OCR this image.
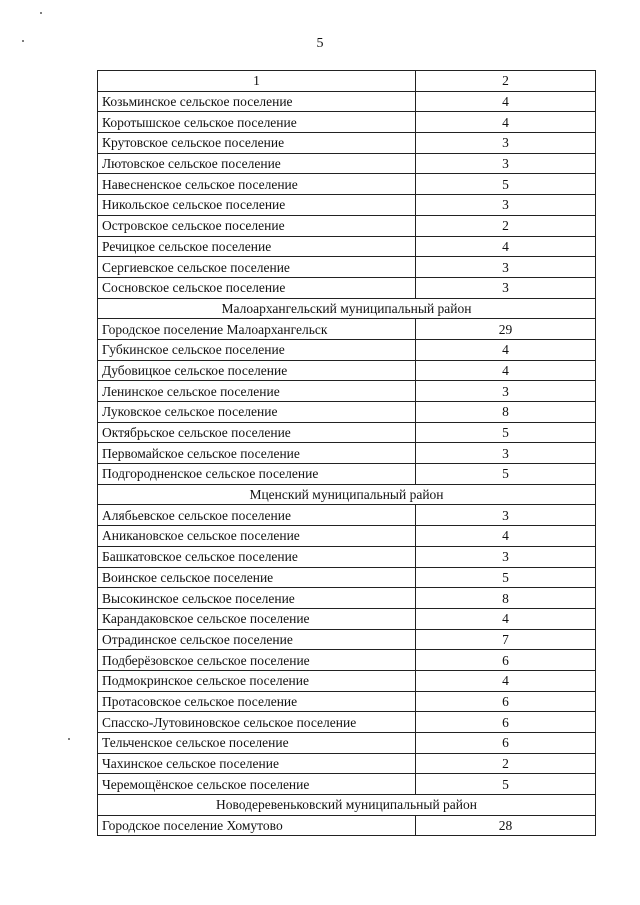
5
1	2
Козьминское сельское поселение	4
Коротышское сельское поселение	4
Крутовское сельское поселение	3
Лютовское сельское поселение	3
Навесненское сельское поселение	5
Никольское сельское поселение	3
Островское сельское поселение	2
Речицкое сельское поселение	4
Сергиевское сельское поселение	3
Сосновское сельское поселение	3
Малоархангельский муниципальный район	
Городское поселение Малоархангельск	29
Губкинское сельское поселение	4
Дубовицкое сельское поселение	4
Ленинское сельское поселение	3
Луковское сельское поселение	8
Октябрьское сельское поселение	5
Первомайское сельское поселение	3
Подгородненское сельское поселение	5
Мценский муниципальный район	
Алябьевское сельское поселение	3
Аникановское сельское поселение	4
Башкатовское сельское поселение	3
Воинское сельское поселение	5
Высокинское сельское поселение	8
Карандаковское сельское поселение	4
Отрадинское сельское поселение	7
Подберёзовское сельское поселение	6
Подмокринское сельское поселение	4
Протасовское сельское поселение	6
Спасско-Лутовиновское сельское поселение	6
Тельченское сельское поселение	6
Чахинское сельское поселение	2
Черемощёнское сельское поселение	5
Новодеревеньковский муниципальный район	
Городское поселение Хомутово	28
